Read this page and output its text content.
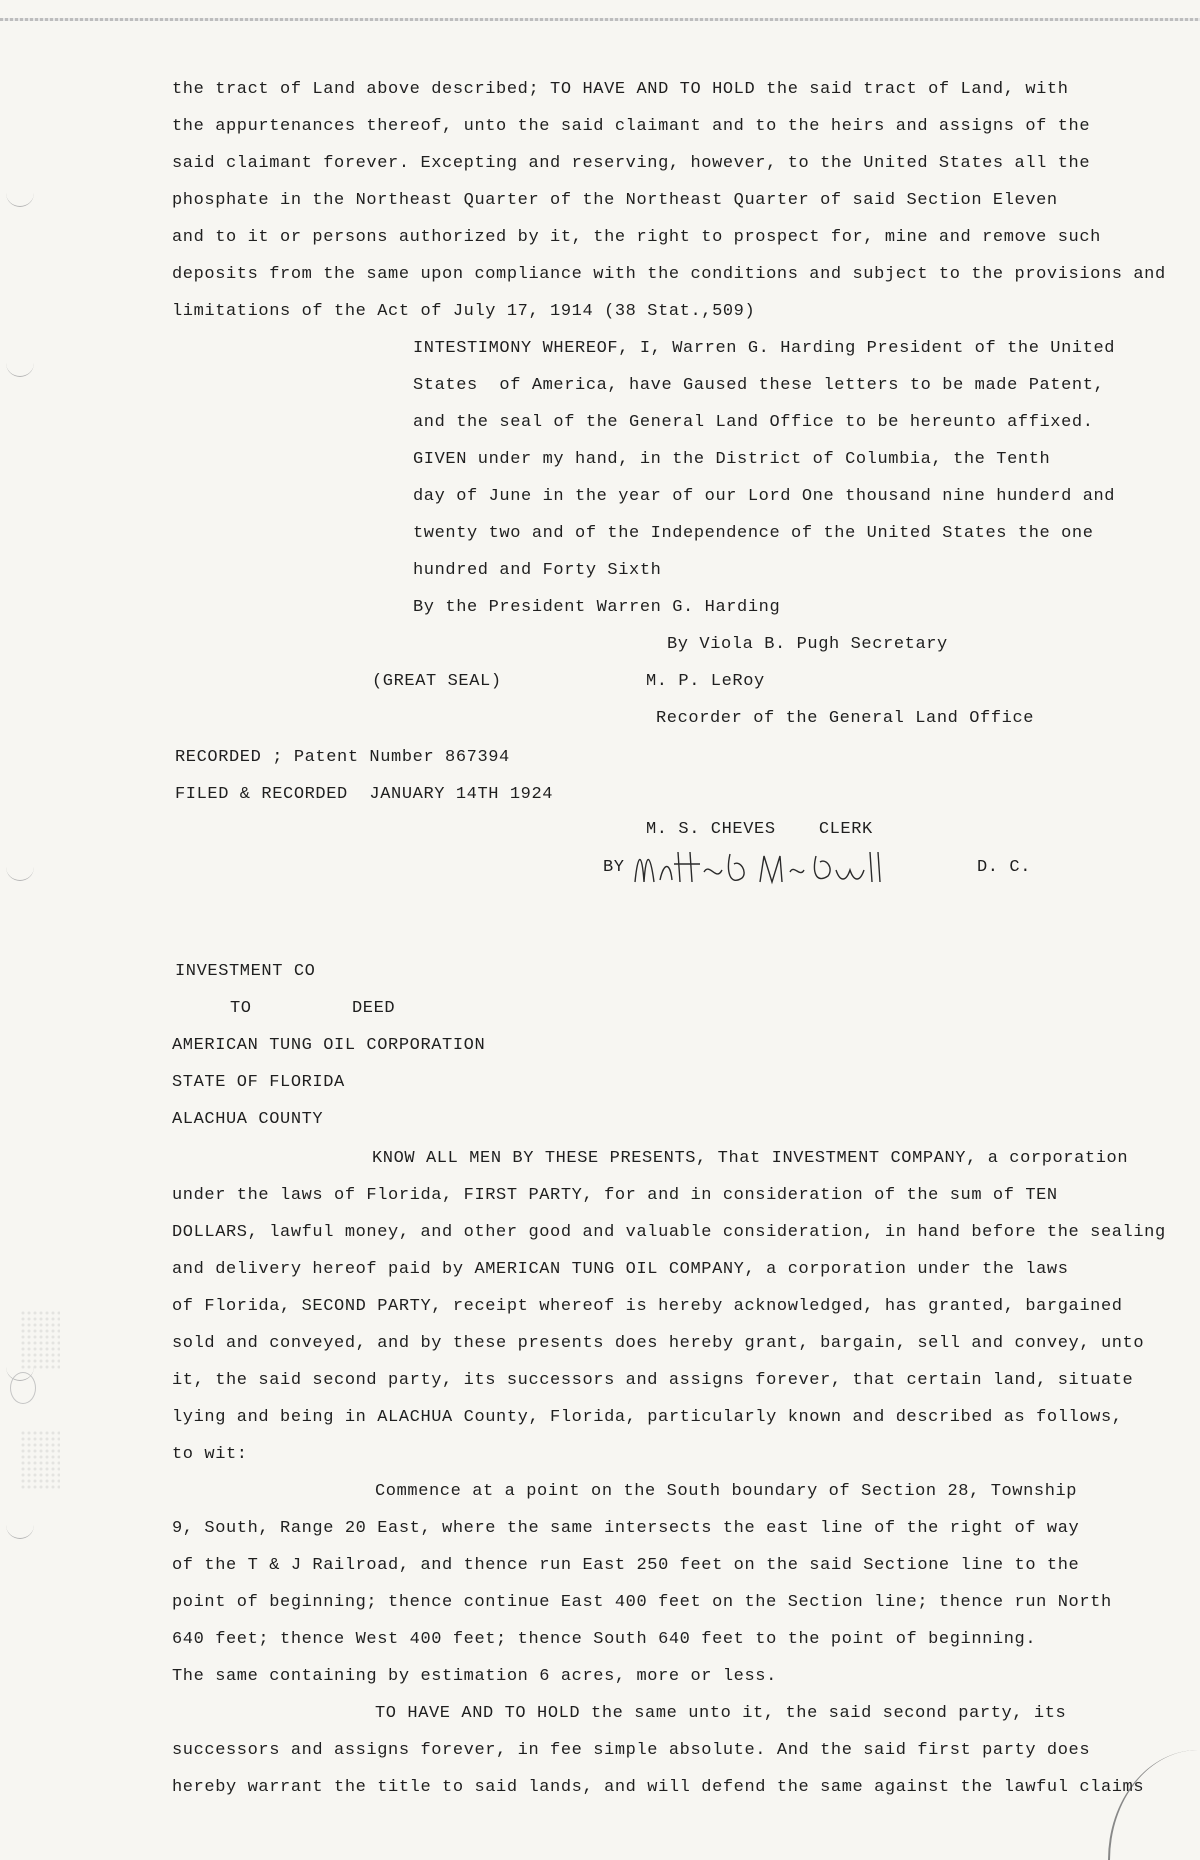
the tract of Land above described; TO HAVE AND TO HOLD the said tract of Land, with
the appurtenances thereof, unto the said claimant and to the heirs and assigns of the
said claimant forever. Excepting and reserving, however, to the United States all the
phosphate in the Northeast Quarter of the Northeast Quarter of said Section Eleven
and to it or persons authorized by it, the right to prospect for, mine and remove such
deposits from the same upon compliance with the conditions and subject to the provisions and
limitations of the Act of July 17, 1914 (38 Stat.,509)
INTESTIMONY WHEREOF, I, Warren G. Harding President of the United
States  of America, have Gaused these letters to be made Patent,
and the seal of the General Land Office to be hereunto affixed.
GIVEN under my hand, in the District of Columbia, the Tenth
day of June in the year of our Lord One thousand nine hunderd and
twenty two and of the Independence of the United States the one
hundred and Forty Sixth
By the President Warren G. Harding
By Viola B. Pugh Secretary
(GREAT SEAL)	M. P. LeRoy
Recorder of the General Land Office
RECORDED ; Patent Number 867394
FILED & RECORDED  JANUARY 14TH 1924
M. S. CHEVES    CLERK
BY	D. C.
INVESTMENT CO
TO	DEED
AMERICAN TUNG OIL CORPORATION
STATE OF FLORIDA
ALACHUA COUNTY
KNOW ALL MEN BY THESE PRESENTS, That INVESTMENT COMPANY, a corporation
under the laws of Florida, FIRST PARTY, for and in consideration of the sum of TEN
DOLLARS, lawful money, and other good and valuable consideration, in hand before the sealing
and delivery hereof paid by AMERICAN TUNG OIL COMPANY, a corporation under the laws
of Florida, SECOND PARTY, receipt whereof is hereby acknowledged, has granted, bargained
sold and conveyed, and by these presents does hereby grant, bargain, sell and convey, unto
it, the said second party, its successors and assigns forever, that certain land, situate
lying and being in ALACHUA County, Florida, particularly known and described as follows,
to wit:
Commence at a point on the South boundary of Section 28, Township
9, South, Range 20 East, where the same intersects the east line of the right of way
of the T & J Railroad, and thence run East 250 feet on the said Sectione line to the
point of beginning; thence continue East 400 feet on the Section line; thence run North
640 feet; thence West 400 feet; thence South 640 feet to the point of beginning.
The same containing by estimation 6 acres, more or less.
TO HAVE AND TO HOLD the same unto it, the said second party, its
successors and assigns forever, in fee simple absolute. And the said first party does
hereby warrant the title to said lands, and will defend the same against the lawful claims
